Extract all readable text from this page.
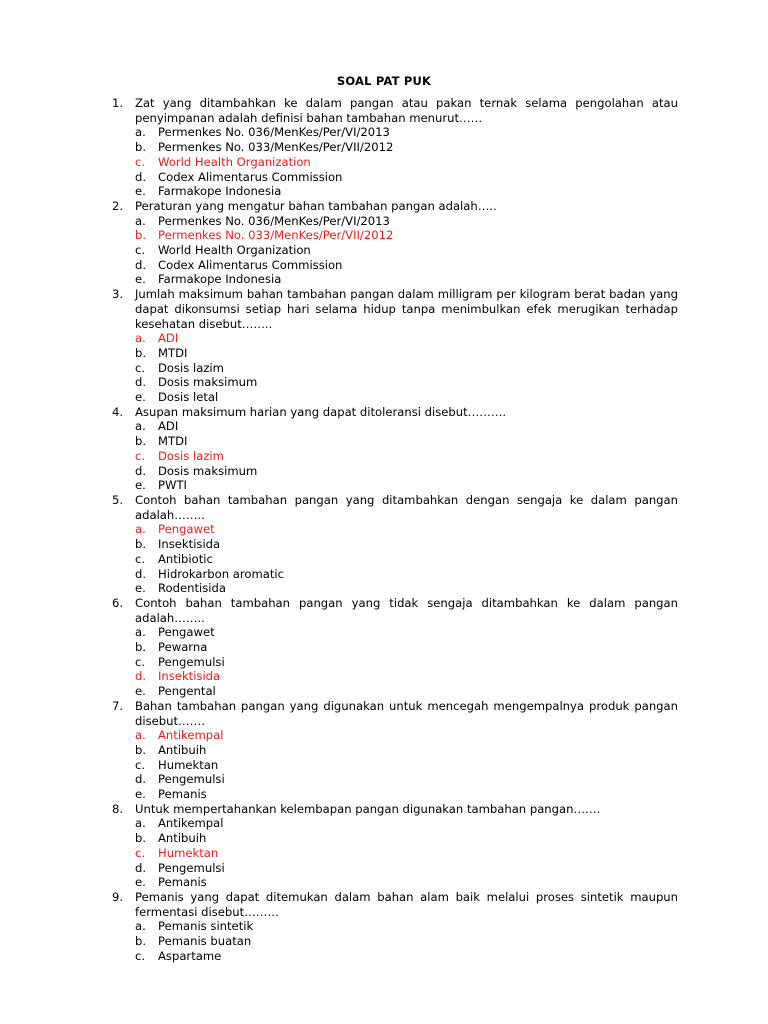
SOAL PAT PUK
1.	Zat yang ditambahkan ke dalam pangan atau pakan ternak selama pengolahan atau penyimpanan adalah definisi bahan tambahan menurut……
a.	Permenkes No. 036/MenKes/Per/VI/2013
b.	Permenkes No. 033/MenKes/Per/VII/2012
c.	World Health Organization
d.	Codex Alimentarus Commission
e.	Farmakope Indonesia
2.	Peraturan yang mengatur bahan tambahan pangan adalah…..
a.	Permenkes No. 036/MenKes/Per/VI/2013
b.	Permenkes No. 033/MenKes/Per/VII/2012
c.	World Health Organization
d.	Codex Alimentarus Commission
e.	Farmakope Indonesia
3.	Jumlah maksimum bahan tambahan pangan dalam milligram per kilogram berat badan yang dapat dikonsumsi setiap hari selama hidup tanpa menimbulkan efek merugikan terhadap kesehatan disebut……..
a.	ADI
b.	MTDI
c.	Dosis lazim
d.	Dosis maksimum
e.	Dosis letal
4.	Asupan maksimum harian yang dapat ditoleransi disebut……….
a.	ADI
b.	MTDI
c.	Dosis lazim
d.	Dosis maksimum
e.	PWTI
5.	Contoh bahan tambahan pangan yang ditambahkan dengan sengaja ke dalam pangan adalah……..
a.	Pengawet
b.	Insektisida
c.	Antibiotic
d.	Hidrokarbon aromatic
e.	Rodentisida
6.	Contoh bahan tambahan pangan yang tidak sengaja ditambahkan ke dalam pangan adalah……..
a.	Pengawet
b.	Pewarna
c.	Pengemulsi
d.	Insektisida
e.	Pengental
7.	Bahan tambahan pangan yang digunakan untuk mencegah mengempalnya produk pangan disebut…….
a.	Antikempal
b.	Antibuih
c.	Humektan
d.	Pengemulsi
e.	Pemanis
8.	Untuk mempertahankan kelembapan pangan digunakan tambahan pangan…….
a.	Antikempal
b.	Antibuih
c.	Humektan
d.	Pengemulsi
e.	Pemanis
9.	Pemanis yang dapat ditemukan dalam bahan alam baik melalui proses sintetik maupun fermentasi disebut………
a.	Pemanis sintetik
b.	Pemanis buatan
c.	Aspartame
